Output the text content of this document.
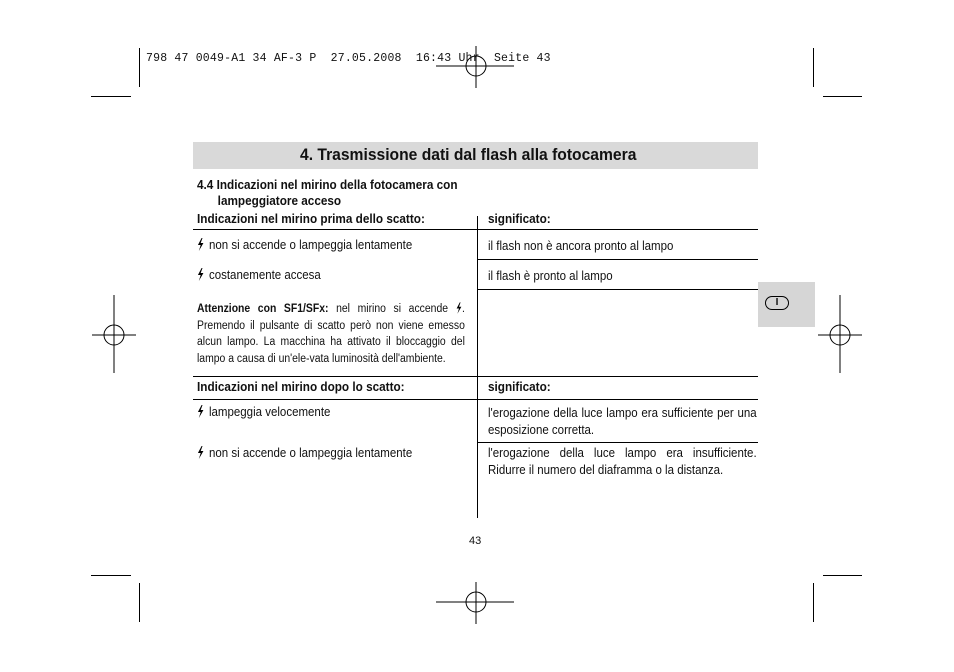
798 47 0049-A1 34 AF-3 P  27.05.2008  16:43 Uhr  Seite 43
4. Trasmissione dati dal flash alla fotocamera
4.4 Indicazioni nel mirino della fotocamera con
lampeggiatore acceso
Indicazioni nel mirino prima dello scatto:	significato:
non si accende o lampeggia lentamente	il flash non è ancora pronto al lampo
costanemente accesa	il flash è pronto al lampo
Attenzione con SF1/SFx: nel mirino si accende . Premendo il pulsante di scatto però non viene emesso alcun lampo. La macchina ha attivato il bloccaggio del lampo a causa di un'ele-vata luminosità dell'ambiente.
Indicazioni nel mirino dopo lo scatto:	significato:
lampeggia velocemente	l'erogazione della luce lampo era sufficiente per una esposizione corretta.
non si accende o lampeggia lentamente	l'erogazione della luce lampo era insufficiente. Ridurre il numero del diaframma o la distanza.
I
43
